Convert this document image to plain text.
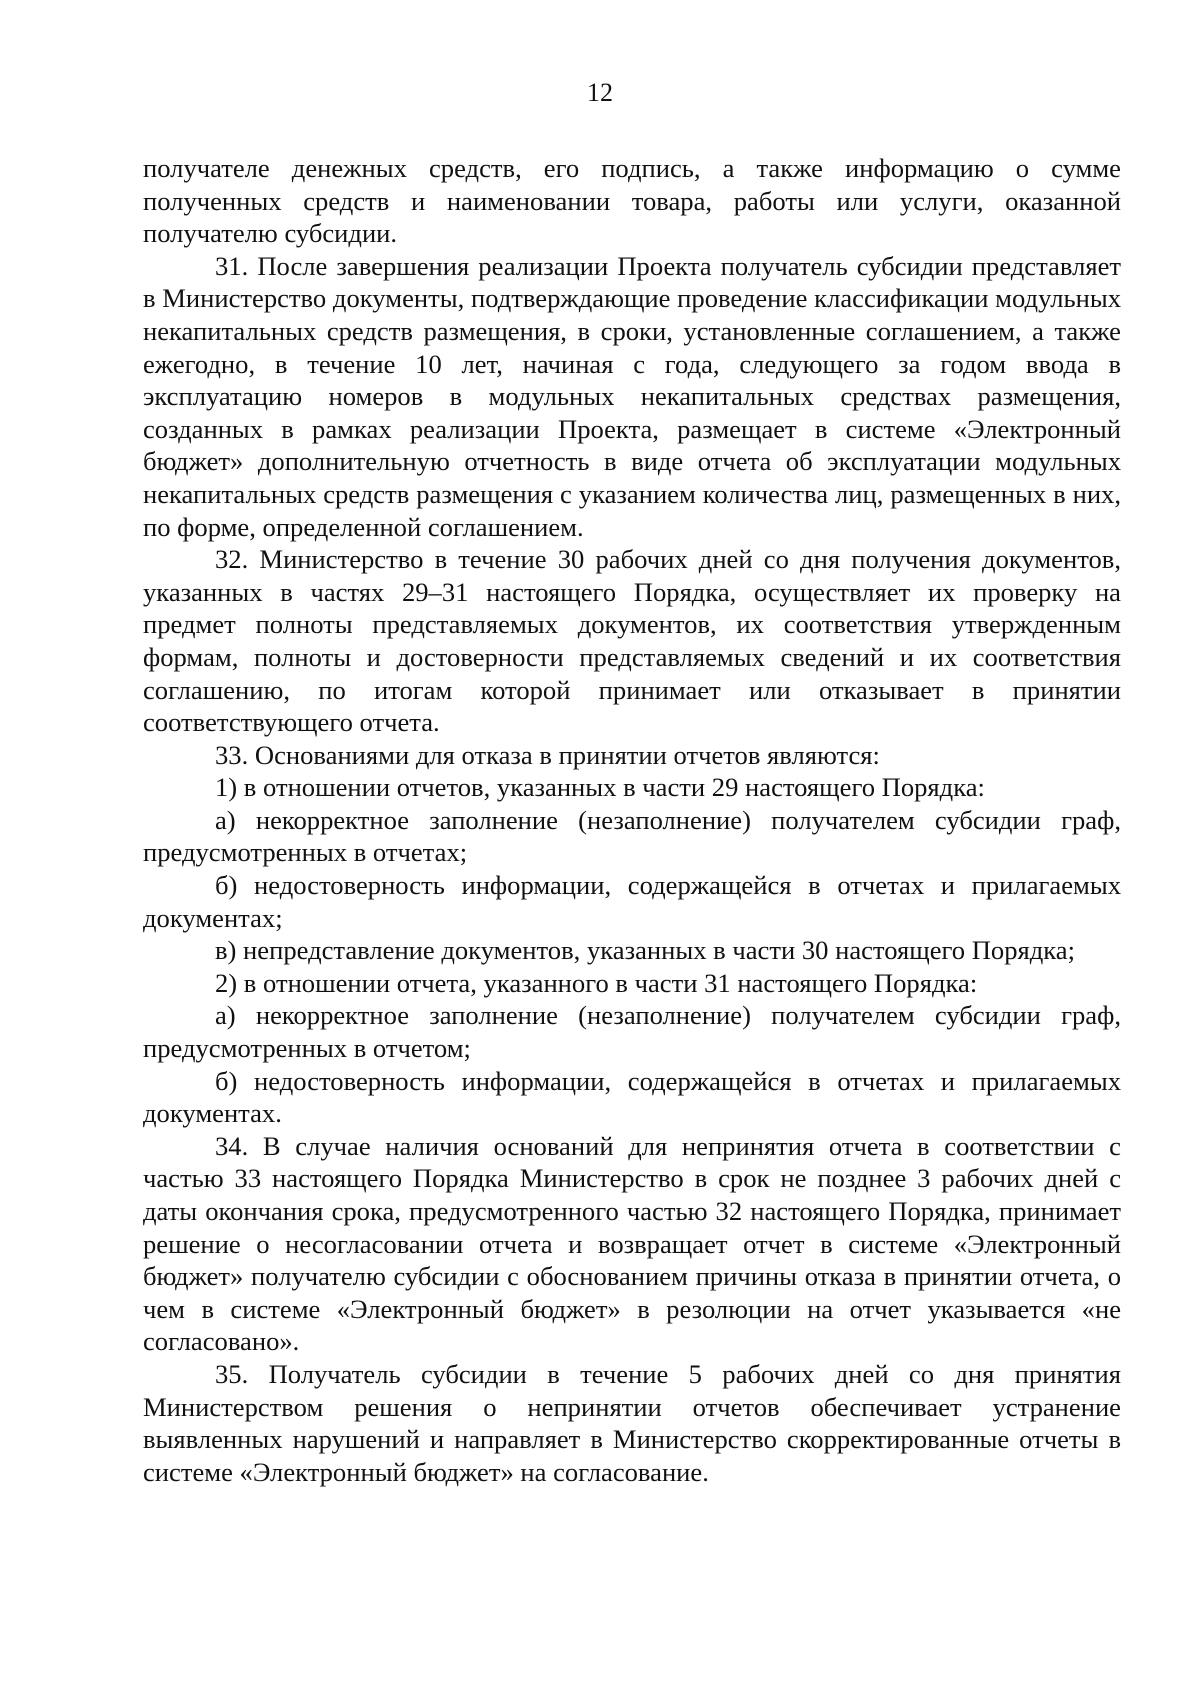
12

получателе денежных средств, его подпись, а также информацию о сумме полученных средств и наименовании товара, работы или услуги, оказанной получателю субсидии.

31. После завершения реализации Проекта получатель субсидии представляет в Министерство документы, подтверждающие проведение классификации модульных некапитальных средств размещения, в сроки, установленные соглашением, а также ежегодно, в течение 10 лет, начиная с года, следующего за годом ввода в эксплуатацию номеров в модульных некапитальных средствах размещения, созданных в рамках реализации Проекта, размещает в системе «Электронный бюджет» дополнительную отчетность в виде отчета об эксплуатации модульных некапитальных средств размещения с указанием количества лиц, размещенных в них, по форме, определенной соглашением.

32. Министерство в течение 30 рабочих дней со дня получения документов, указанных в частях 29–31 настоящего Порядка, осуществляет их проверку на предмет полноты представляемых документов, их соответствия утвержденным формам, полноты и достоверности представляемых сведений и их соответствия соглашению, по итогам которой принимает или отказывает в принятии соответствующего отчета.

33. Основаниями для отказа в принятии отчетов являются:

1) в отношении отчетов, указанных в части 29 настоящего Порядка:

а) некорректное заполнение (незаполнение) получателем субсидии граф, предусмотренных в отчетах;

б) недостоверность информации, содержащейся в отчетах и прилагаемых документах;

в) непредставление документов, указанных в части 30 настоящего Порядка;

2) в отношении отчета, указанного в части 31 настоящего Порядка:

а) некорректное заполнение (незаполнение) получателем субсидии граф, предусмотренных в отчетом;

б) недостоверность информации, содержащейся в отчетах и прилагаемых документах.

34. В случае наличия оснований для непринятия отчета в соответствии с частью 33 настоящего Порядка Министерство в срок не позднее 3 рабочих дней с даты окончания срока, предусмотренного частью 32 настоящего Порядка, принимает решение о несогласовании отчета и возвращает отчет в системе «Электронный бюджет» получателю субсидии с обоснованием причины отказа в принятии отчета, о чем в системе «Электронный бюджет» в резолюции на отчет указывается «не согласовано».

35. Получатель субсидии в течение 5 рабочих дней со дня принятия Министерством решения о непринятии отчетов обеспечивает устранение выявленных нарушений и направляет в Министерство скорректированные отчеты в системе «Электронный бюджет» на согласование.
